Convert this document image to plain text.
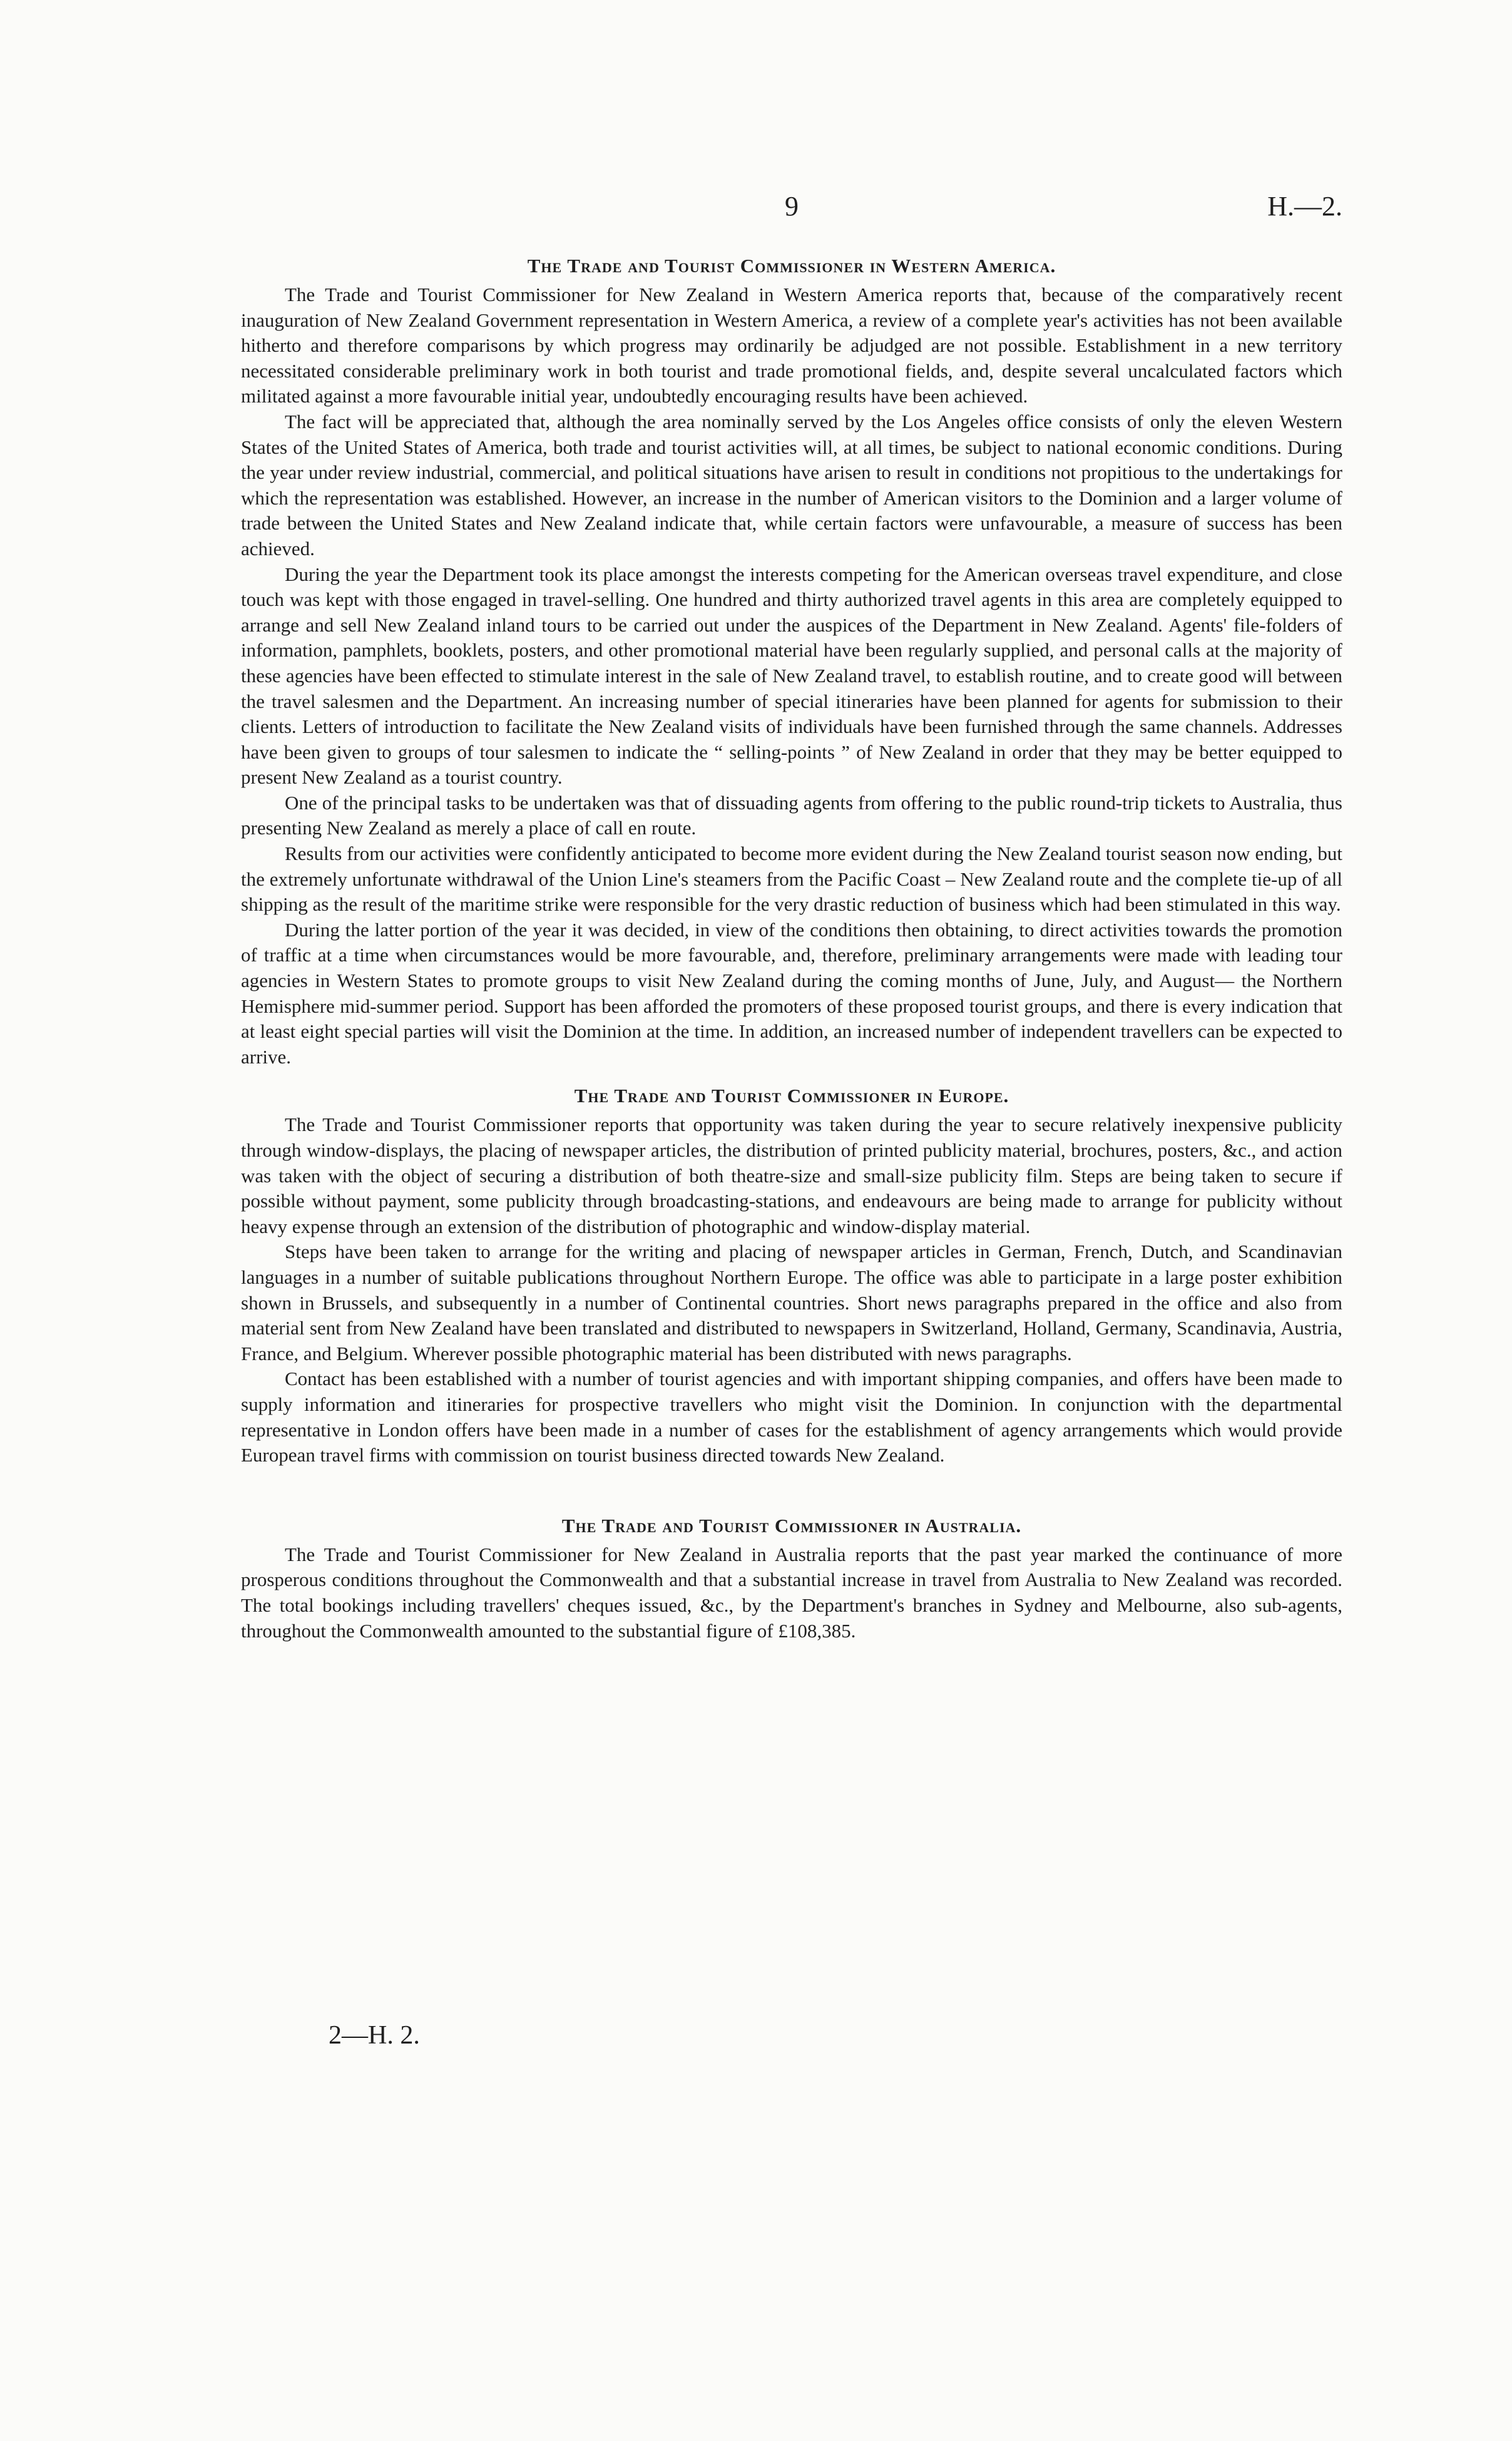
9	H.—2.
The Trade and Tourist Commissioner in Western America.

The Trade and Tourist Commissioner for New Zealand in Western America reports that, because of the comparatively recent inauguration of New Zealand Government representation in Western America, a review of a complete year's activities has not been available hitherto and therefore comparisons by which progress may ordinarily be adjudged are not possible. Establishment in a new territory necessitated considerable preliminary work in both tourist and trade promotional fields, and, despite several uncalculated factors which militated against a more favourable initial year, undoubtedly encouraging results have been achieved.

The fact will be appreciated that, although the area nominally served by the Los Angeles office consists of only the eleven Western States of the United States of America, both trade and tourist activities will, at all times, be subject to national economic conditions. During the year under review industrial, commercial, and political situations have arisen to result in conditions not propitious to the undertakings for which the representation was established. However, an increase in the number of American visitors to the Dominion and a larger volume of trade between the United States and New Zealand indicate that, while certain factors were unfavourable, a measure of success has been achieved.

During the year the Department took its place amongst the interests competing for the American overseas travel expenditure, and close touch was kept with those engaged in travel-selling. One hundred and thirty authorized travel agents in this area are completely equipped to arrange and sell New Zealand inland tours to be carried out under the auspices of the Department in New Zealand. Agents' file-folders of information, pamphlets, booklets, posters, and other promotional material have been regularly supplied, and personal calls at the majority of these agencies have been effected to stimulate interest in the sale of New Zealand travel, to establish routine, and to create good will between the travel salesmen and the Department. An increasing number of special itineraries have been planned for agents for submission to their clients. Letters of introduction to facilitate the New Zealand visits of individuals have been furnished through the same channels. Addresses have been given to groups of tour salesmen to indicate the “ selling-points ” of New Zealand in order that they may be better equipped to present New Zealand as a tourist country.

One of the principal tasks to be undertaken was that of dissuading agents from offering to the public round-trip tickets to Australia, thus presenting New Zealand as merely a place of call en route.

Results from our activities were confidently anticipated to become more evident during the New Zealand tourist season now ending, but the extremely unfortunate withdrawal of the Union Line's steamers from the Pacific Coast – New Zealand route and the complete tie-up of all shipping as the result of the maritime strike were responsible for the very drastic reduction of business which had been stimulated in this way.

During the latter portion of the year it was decided, in view of the conditions then obtaining, to direct activities towards the promotion of traffic at a time when circumstances would be more favourable, and, therefore, preliminary arrangements were made with leading tour agencies in Western States to promote groups to visit New Zealand during the coming months of June, July, and August— the Northern Hemisphere mid-summer period. Support has been afforded the promoters of these proposed tourist groups, and there is every indication that at least eight special parties will visit the Dominion at the time. In addition, an increased number of independent travellers can be expected to arrive.

The Trade and Tourist Commissioner in Europe.

The Trade and Tourist Commissioner reports that opportunity was taken during the year to secure relatively inexpensive publicity through window-displays, the placing of newspaper articles, the distribution of printed publicity material, brochures, posters, &c., and action was taken with the object of securing a distribution of both theatre-size and small-size publicity film. Steps are being taken to secure if possible without payment, some publicity through broadcasting-stations, and endeavours are being made to arrange for publicity without heavy expense through an extension of the distribution of photographic and window-display material.

Steps have been taken to arrange for the writing and placing of newspaper articles in German, French, Dutch, and Scandinavian languages in a number of suitable publications throughout Northern Europe. The office was able to participate in a large poster exhibition shown in Brussels, and subsequently in a number of Continental countries. Short news paragraphs prepared in the office and also from material sent from New Zealand have been translated and distributed to newspapers in Switzerland, Holland, Germany, Scandinavia, Austria, France, and Belgium. Wherever possible photographic material has been distributed with news paragraphs.

Contact has been established with a number of tourist agencies and with important shipping companies, and offers have been made to supply information and itineraries for prospective travellers who might visit the Dominion. In conjunction with the departmental representative in London offers have been made in a number of cases for the establishment of agency arrangements which would provide European travel firms with commission on tourist business directed towards New Zealand.

The Trade and Tourist Commissioner in Australia.

The Trade and Tourist Commissioner for New Zealand in Australia reports that the past year marked the continuance of more prosperous conditions throughout the Commonwealth and that a substantial increase in travel from Australia to New Zealand was recorded. The total bookings including travellers' cheques issued, &c., by the Department's branches in Sydney and Melbourne, also sub-agents, throughout the Commonwealth amounted to the substantial figure of £108,385.

2—H. 2.
